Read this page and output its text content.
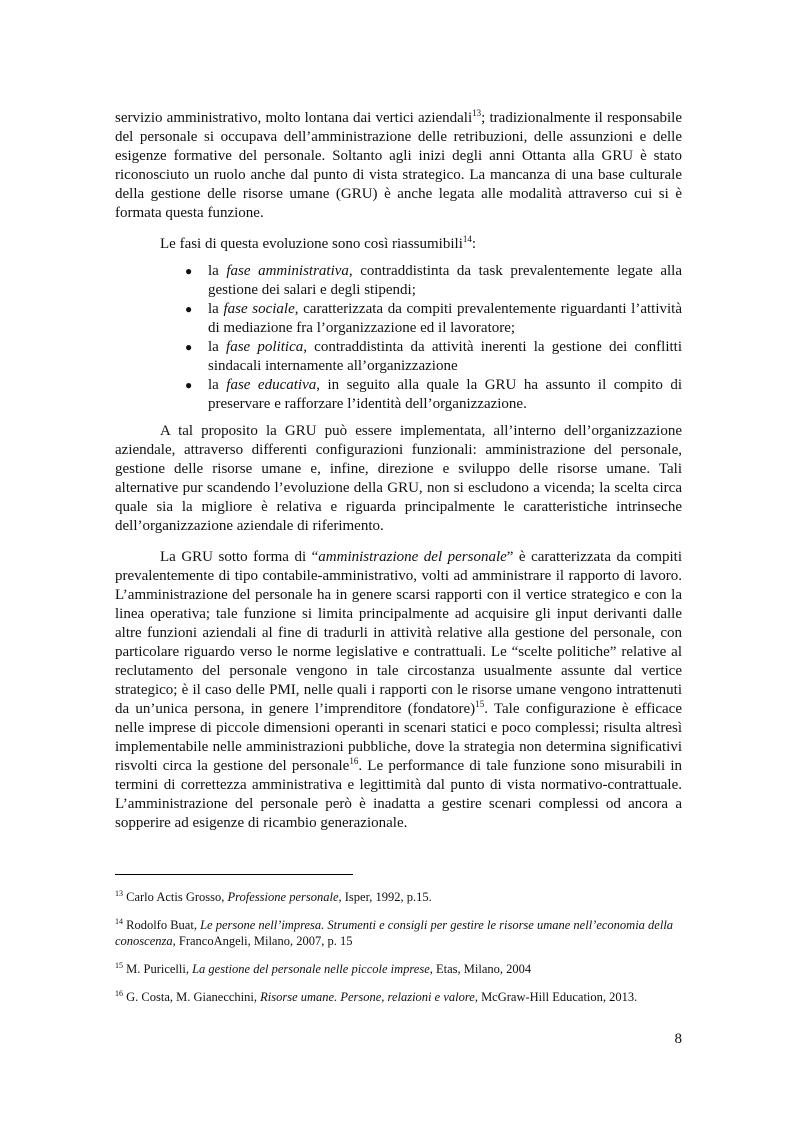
servizio amministrativo, molto lontana dai vertici aziendali$^{13}$; tradizionalmente il responsabile del personale si occupava dell’amministrazione delle retribuzioni, delle assunzioni e delle esigenze formative del personale. Soltanto agli inizi degli anni Ottanta alla GRU è stato riconosciuto un ruolo anche dal punto di vista strategico. La mancanza di una base culturale della gestione delle risorse umane (GRU) è anche legata alle modalità attraverso cui si è formata questa funzione.

Le fasi di questa evoluzione sono così riassumibili$^{14}$:

● la fase amministrativa, contraddistinta da task prevalentemente legate alla gestione dei salari e degli stipendi;
● la fase sociale, caratterizzata da compiti prevalentemente riguardanti l’attività di mediazione fra l’organizzazione ed il lavoratore;
● la fase politica, contraddistinta da attività inerenti la gestione dei conflitti sindacali internamente all’organizzazione
● la fase educativa, in seguito alla quale la GRU ha assunto il compito di preservare e rafforzare l’identità dell’organizzazione.

A tal proposito la GRU può essere implementata, all’interno dell’organizzazione aziendale, attraverso differenti configurazioni funzionali: amministrazione del personale, gestione delle risorse umane e, infine, direzione e sviluppo delle risorse umane. Tali alternative pur scandendo l’evoluzione della GRU, non si escludono a vicenda; la scelta circa quale sia la migliore è relativa e riguarda principalmente le caratteristiche intrinseche dell’organizzazione aziendale di riferimento.

La GRU sotto forma di “amministrazione del personale” è caratterizzata da compiti prevalentemente di tipo contabile-amministrativo, volti ad amministrare il rapporto di lavoro. L’amministrazione del personale ha in genere scarsi rapporti con il vertice strategico e con la linea operativa; tale funzione si limita principalmente ad acquisire gli input derivanti dalle altre funzioni aziendali al fine di tradurli in attività relative alla gestione del personale, con particolare riguardo verso le norme legislative e contrattuali. Le “scelte politiche” relative al reclutamento del personale vengono in tale circostanza usualmente assunte dal vertice strategico; è il caso delle PMI, nelle quali i rapporti con le risorse umane vengono intrattenuti da un’unica persona, in genere l’imprenditore (fondatore)$^{15}$. Tale configurazione è efficace nelle imprese di piccole dimensioni operanti in scenari statici e poco complessi; risulta altresì implementabile nelle amministrazioni pubbliche, dove la strategia non determina significativi risvolti circa la gestione del personale$^{16}$. Le performance di tale funzione sono misurabili in termini di correttezza amministrativa e legittimità dal punto di vista normativo-contrattuale. L’amministrazione del personale però è inadatta a gestire scenari complessi od ancora a sopperire ad esigenze di ricambio generazionale.

$^{13}$ Carlo Actis Grosso, Professione personale, Isper, 1992, p.15.
$^{14}$ Rodolfo Buat, Le persone nell’impresa. Strumenti e consigli per gestire le risorse umane nell’economia della conoscenza, FrancoAngeli, Milano, 2007, p. 15
$^{15}$ M. Puricelli, La gestione del personale nelle piccole imprese, Etas, Milano, 2004
$^{16}$ G. Costa, M. Gianecchini, Risorse umane. Persone, relazioni e valore, McGraw-Hill Education, 2013.
8
